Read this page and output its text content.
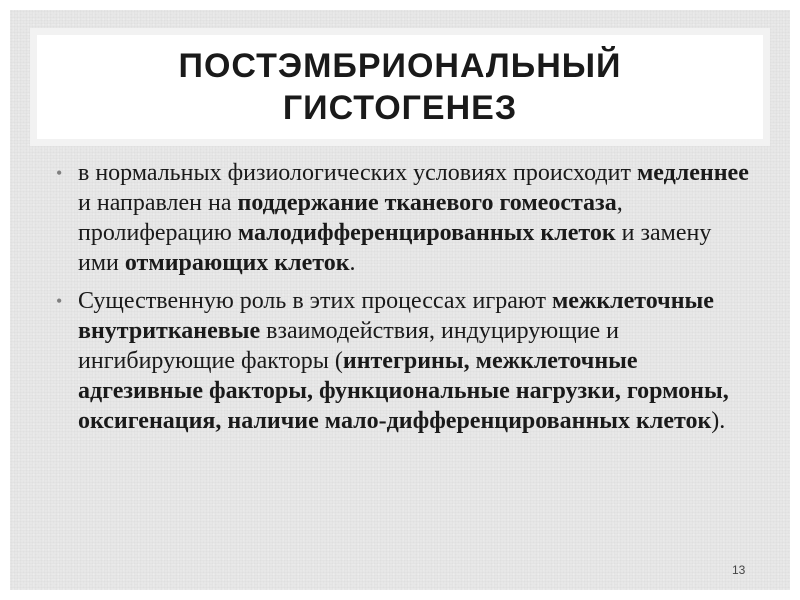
ПОСТЭМБРИОНАЛЬНЫЙ
ГИСТОГЕНЕЗ
• в нормальных физиологических условиях происходит медленнее и направлен на поддержание тканевого гомеостаза, пролиферацию малодифференцированных клеток и замену ими отмирающих клеток.
• Существенную роль в этих процессах играют межклеточные внутритканевые взаимодействия, индуцирующие и ингибирующие факторы (интегрины, межклеточные адгезивные факторы, функциональные нагрузки, гормоны, оксигенация, наличие мало-дифференцированных клеток).
13
